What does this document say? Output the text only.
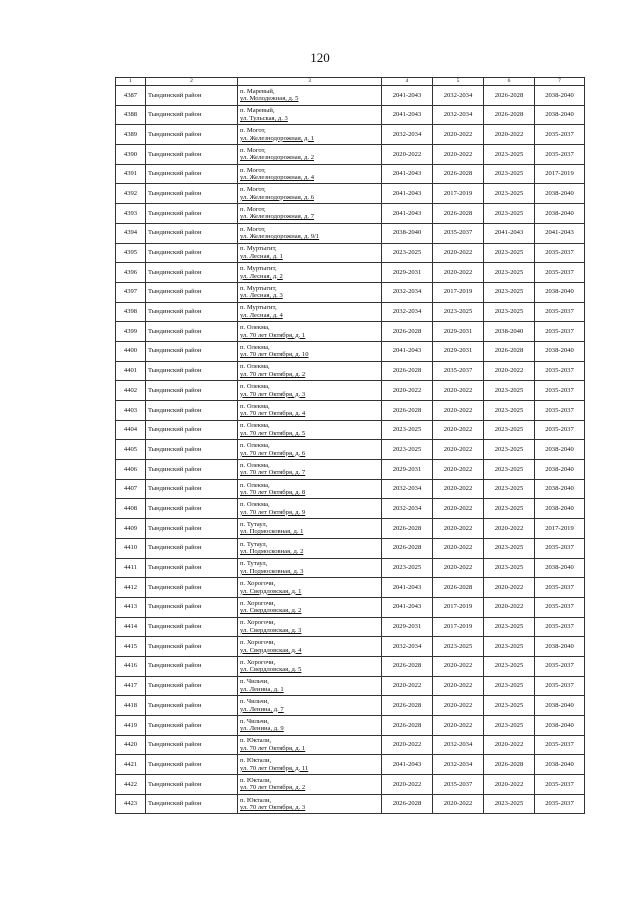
120
1	2	3	4	5	6	7
4387	Тындинский район	п. Маревый,
ул. Молодежная, д. 5	2041-2043	2032-2034	2026-2028	2038-2040
4388	Тындинский район	п. Маревый,
ул. Тульская, д. 3	2041-2043	2032-2034	2026-2028	2038-2040
4389	Тындинский район	п. Могот,
ул. Железнодорожная, д. 1	2032-2034	2020-2022	2020-2022	2035-2037
4390	Тындинский район	п. Могот,
ул. Железнодорожная, д. 2	2020-2022	2020-2022	2023-2025	2035-2037
4391	Тындинский район	п. Могот,
ул. Железнодорожная, д. 4	2041-2043	2026-2028	2023-2025	2017-2019
4392	Тындинский район	п. Могот,
ул. Железнодорожная, д. 6	2041-2043	2017-2019	2023-2025	2038-2040
4393	Тындинский район	п. Могот,
ул. Железнодорожная, д. 7	2041-2043	2026-2028	2023-2025	2038-2040
4394	Тындинский район	п. Могот,
ул. Железнодорожная, д. 9/1	2038-2040	2035-2037	2041-2043	2041-2043
4395	Тындинский район	п. Муртыгит,
ул. Лесная, д. 1	2023-2025	2020-2022	2023-2025	2035-2037
4396	Тындинский район	п. Муртыгит,
ул. Лесная, д. 2	2029-2031	2020-2022	2023-2025	2035-2037
4397	Тындинский район	п. Муртыгит,
ул. Лесная, д. 3	2032-2034	2017-2019	2023-2025	2038-2040
4398	Тындинский район	п. Муртыгит,
ул. Лесная, д. 4	2032-2034	2023-2025	2023-2025	2035-2037
4399	Тындинский район	п. Олекма,
ул. 70 лет Октября, д. 1	2026-2028	2029-2031	2038-2040	2035-2037
4400	Тындинский район	п. Олекма,
ул. 70 лет Октября, д. 10	2041-2043	2029-2031	2026-2028	2038-2040
4401	Тындинский район	п. Олекма,
ул. 70 лет Октября, д. 2	2026-2028	2035-2037	2020-2022	2035-2037
4402	Тындинский район	п. Олекма,
ул. 70 лет Октября, д. 3	2020-2022	2020-2022	2023-2025	2035-2037
4403	Тындинский район	п. Олекма,
ул. 70 лет Октября, д. 4	2026-2028	2020-2022	2023-2025	2035-2037
4404	Тындинский район	п. Олекма,
ул. 70 лет Октября, д. 5	2023-2025	2020-2022	2023-2025	2035-2037
4405	Тындинский район	п. Олекма,
ул. 70 лет Октября, д. 6	2023-2025	2020-2022	2023-2025	2038-2040
4406	Тындинский район	п. Олекма,
ул. 70 лет Октября, д. 7	2029-2031	2020-2022	2023-2025	2038-2040
4407	Тындинский район	п. Олекма,
ул. 70 лет Октября, д. 8	2032-2034	2020-2022	2023-2025	2038-2040
4408	Тындинский район	п. Олекма,
ул. 70 лет Октября, д. 9	2032-2034	2020-2022	2023-2025	2038-2040
4409	Тындинский район	п. Тутаул,
ул. Подмосковная, д. 1	2026-2028	2020-2022	2020-2022	2017-2019
4410	Тындинский район	п. Тутаул,
ул. Подмосковная, д. 2	2026-2028	2020-2022	2023-2025	2035-2037
4411	Тындинский район	п. Тутаул,
ул. Подмосковная, д. 3	2023-2025	2020-2022	2023-2025	2038-2040
4412	Тындинский район	п. Хорогочи,
ул. Свердловская, д. 1	2041-2043	2026-2028	2020-2022	2035-2037
4413	Тындинский район	п. Хорогочи,
ул. Свердловская, д. 2	2041-2043	2017-2019	2020-2022	2035-2037
4414	Тындинский район	п. Хорогочи,
ул. Свердловская, д. 3	2029-2031	2017-2019	2023-2025	2035-2037
4415	Тындинский район	п. Хорогочи,
ул. Свердловская, д. 4	2032-2034	2023-2025	2023-2025	2038-2040
4416	Тындинский район	п. Хорогочи,
ул. Свердловская, д. 5	2026-2028	2020-2022	2023-2025	2035-2037
4417	Тындинский район	п. Чильчи,
ул. Ленина, д. 1	2020-2022	2020-2022	2023-2025	2035-2037
4418	Тындинский район	п. Чильчи,
ул. Ленина, д. 7	2026-2028	2020-2022	2023-2025	2038-2040
4419	Тындинский район	п. Чильчи,
ул. Ленина, д. 9	2026-2028	2020-2022	2023-2025	2038-2040
4420	Тындинский район	п. Юктали,
ул. 70 лет Октября, д. 1	2020-2022	2032-2034	2020-2022	2035-2037
4421	Тындинский район	п. Юктали,
ул. 70 лет Октября, д. 11	2041-2043	2032-2034	2026-2028	2038-2040
4422	Тындинский район	п. Юктали,
ул. 70 лет Октября, д. 2	2020-2022	2035-2037	2020-2022	2035-2037
4423	Тындинский район	п. Юктали,
ул. 70 лет Октября, д. 3	2026-2028	2020-2022	2023-2025	2035-2037
